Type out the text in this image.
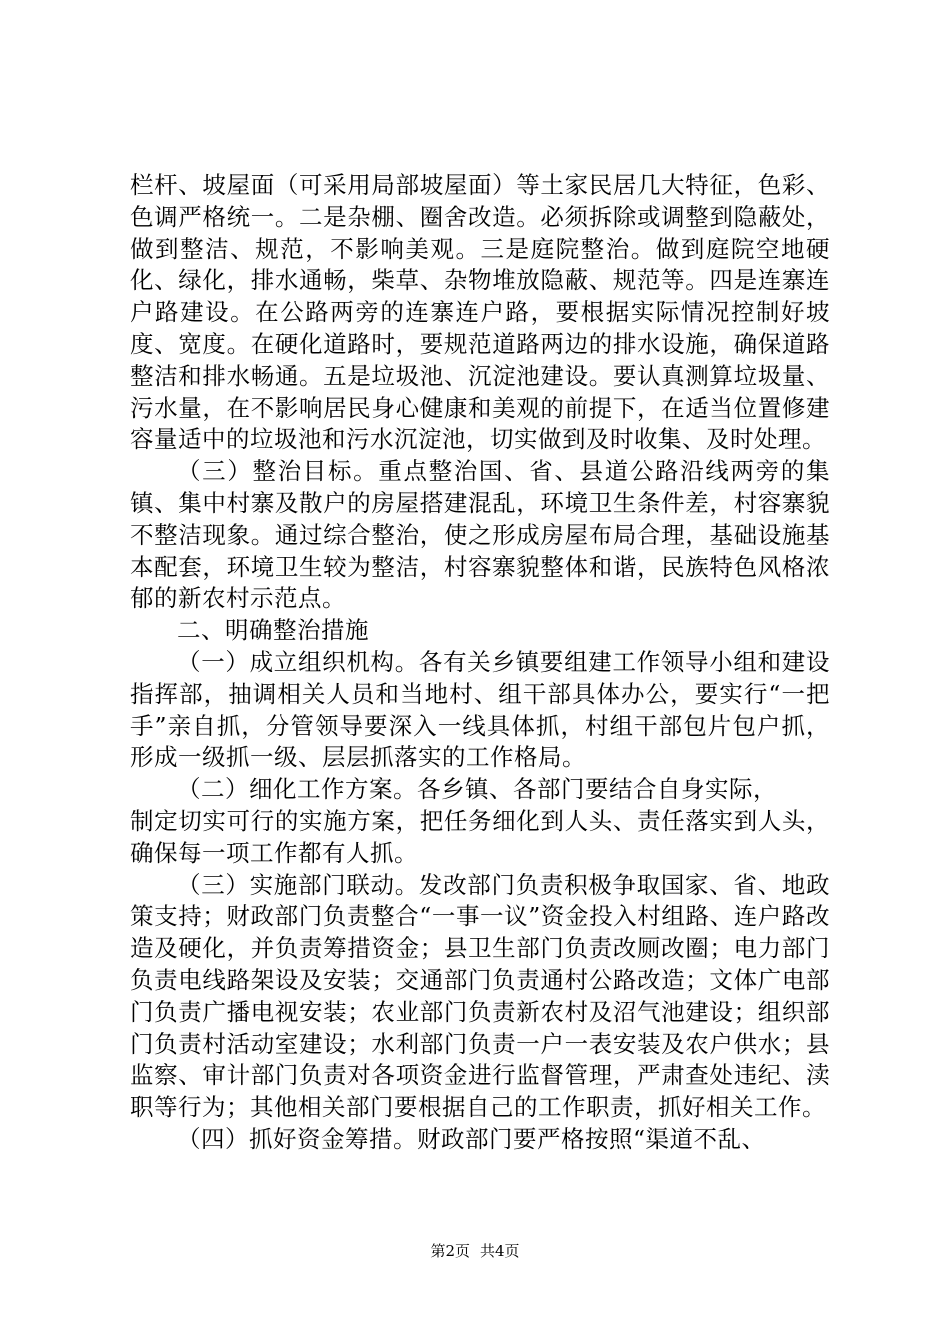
栏杆、坡屋面（可采用局部坡屋面）等土家民居几大特征，色彩、色调严格统一。二是杂棚、圈舍改造。必须拆除或调整到隐蔽处，做到整洁、规范，不影响美观。三是庭院整治。做到庭院空地硬化、绿化，排水通畅，柴草、杂物堆放隐蔽、规范等。四是连寨连户路建设。在公路两旁的连寨连户路，要根据实际情况控制好坡度、宽度。在硬化道路时，要规范道路两边的排水设施，确保道路整洁和排水畅通。五是垃圾池、沉淀池建设。要认真测算垃圾量、污水量，在不影响居民身心健康和美观的前提下，在适当位置修建容量适中的垃圾池和污水沉淀池，切实做到及时收集、及时处理。

（三）整治目标。重点整治国、省、县道公路沿线两旁的集镇、集中村寨及散户的房屋搭建混乱，环境卫生条件差，村容寨貌不整洁现象。通过综合整治，使之形成房屋布局合理，基础设施基本配套，环境卫生较为整洁，村容寨貌整体和谐，民族特色风格浓郁的新农村示范点。

二、明确整治措施

（一）成立组织机构。各有关乡镇要组建工作领导小组和建设指挥部，抽调相关人员和当地村、组干部具体办公，要实行“一把手”亲自抓，分管领导要深入一线具体抓，村组干部包片包户抓，形成一级抓一级、层层抓落实的工作格局。

（二）细化工作方案。各乡镇、各部门要结合自身实际，

制定切实可行的实施方案，把任务细化到人头、责任落实到人头，确保每一项工作都有人抓。

（三）实施部门联动。发改部门负责积极争取国家、省、地政策支持；财政部门负责整合“一事一议”资金投入村组路、连户路改造及硬化，并负责筹措资金；县卫生部门负责改厕改圈；电力部门负责电线路架设及安装；交通部门负责通村公路改造；文体广电部门负责广播电视安装；农业部门负责新农村及沼气池建设；组织部门负责村活动室建设；水利部门负责一户一表安装及农户供水；县监察、审计部门负责对各项资金进行监督管理，严肃查处违纪、渎职等行为；其他相关部门要根据自己的工作职责，抓好相关工作。

（四）抓好资金筹措。财政部门要严格按照“渠道不乱、

第2页 共4页
